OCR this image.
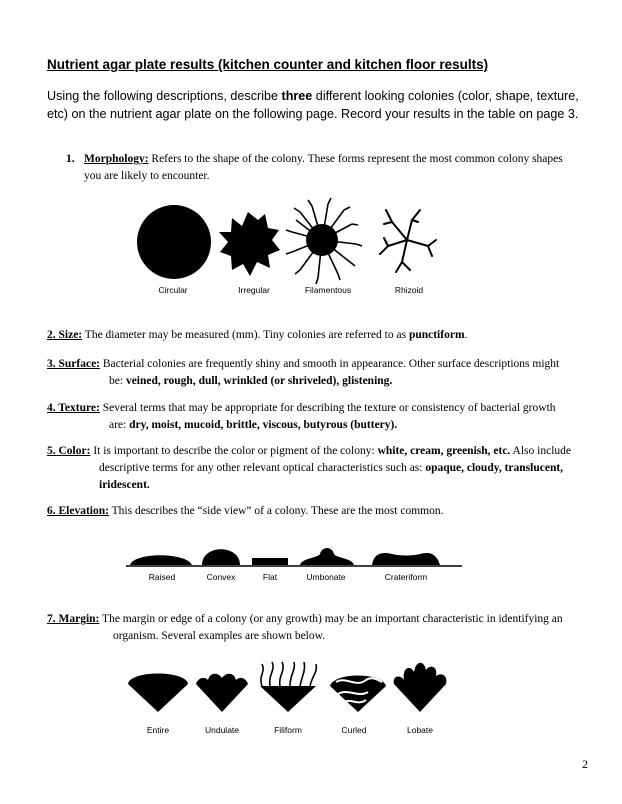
Nutrient agar plate results (kitchen counter and kitchen floor results)
Using the following descriptions, describe three different looking colonies (color, shape, texture, etc) on the nutrient agar plate on the following page. Record your results in the table on page 3.
1. Morphology: Refers to the shape of the colony. These forms represent the most common colony shapes you are likely to encounter.
Circular	Irregular	Filamentous	Rhizoid
Raised	Convex	Flat	Umbonate	Crateriform
Entire	Undulate	Filiform	Curled	Lobate
2. Size: The diameter may be measured (mm). Tiny colonies are referred to as punctiform.
3. Surface: Bacterial colonies are frequently shiny and smooth in appearance. Other surface descriptions might be: veined, rough, dull, wrinkled (or shriveled), glistening.
4. Texture: Several terms that may be appropriate for describing the texture or consistency of bacterial growth are: dry, moist, mucoid, brittle, viscous, butyrous (buttery).
5. Color: It is important to describe the color or pigment of the colony: white, cream, greenish, etc. Also include descriptive terms for any other relevant optical characteristics such as: opaque, cloudy, translucent, iridescent.
6. Elevation: This describes the “side view” of a colony. These are the most common.
7. Margin: The margin or edge of a colony (or any growth) may be an important characteristic in identifying an organism. Several examples are shown below.
2
